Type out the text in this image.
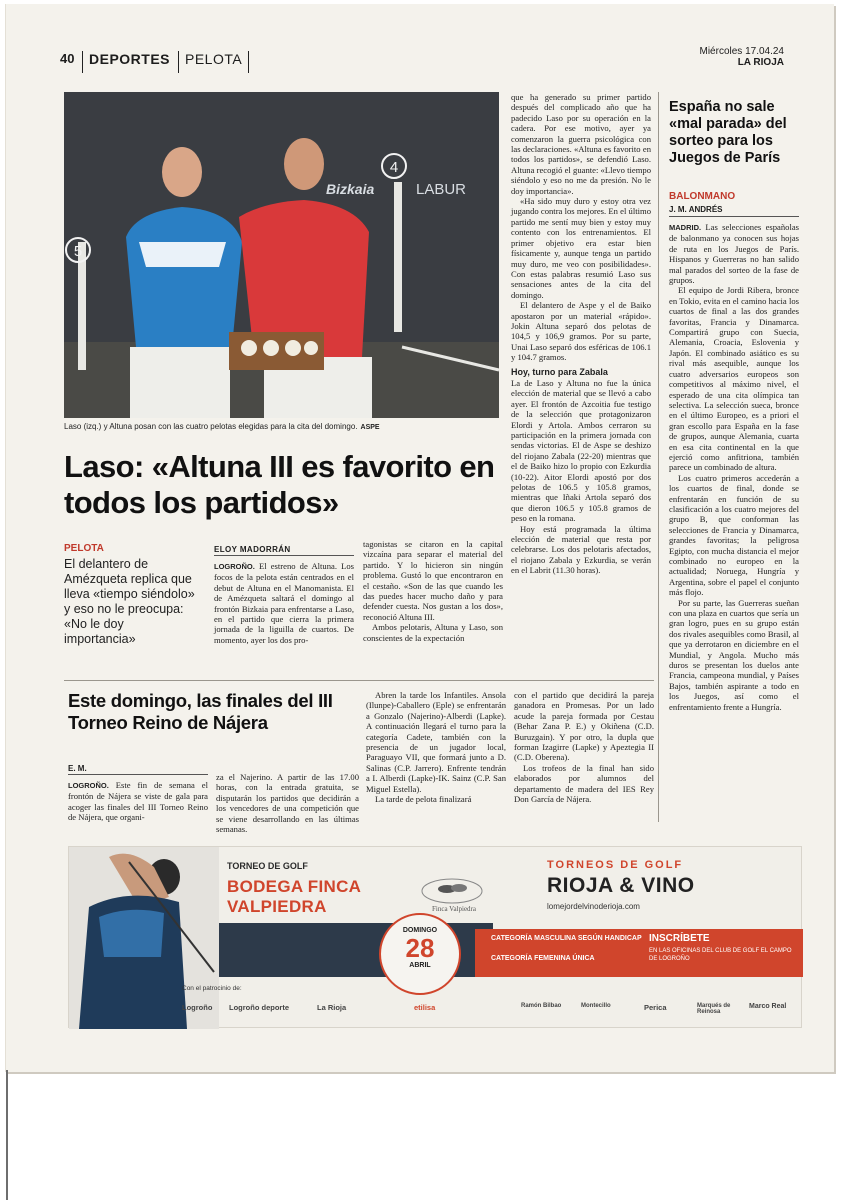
40	DEPORTES	PELOTA	Miércoles 17.04.24
LA RIOJA
5
4
Bizkaia	LABUR
Laso (izq.) y Altuna posan con las cuatro pelotas elegidas para la cita del domingo. ASPE
Laso: «Altuna III es favorito en todos los partidos»
PELOTA
El delantero de Amézqueta replica que lleva «tiempo siéndolo» y eso no le preocupa: «No le doy importancia»
ELOY MADORRÁN

LOGROÑO. El estreno de Altuna. Los focos de la pelota están centrados en el debut de Altuna en el Manomanista. El de Amézqueta saltará el domingo al frontón Bizkaia para enfrentarse a Laso, en el partido que cierra la primera jornada de la liguilla de cuartos. De momento, ayer los dos pro-

tagonistas se citaron en la capital vizcaína para separar el material del partido. Y lo hicieron sin ningún problema. Gustó lo que encontraron en el cestaño. «Son de las que cuando les das puedes hacer mucho daño y para defender cuesta. Nos gustan a los dos», reconoció Altuna III.

Ambos pelotaris, Altuna y Laso, son conscientes de la expectación

que ha generado su primer partido después del complicado año que ha padecido Laso por su operación en la cadera. Por ese motivo, ayer ya comenzaron la guerra psicológica con las declaraciones. «Altuna es favorito en todos los partidos», se defendió Laso. Altuna recogió el guante: «Llevo tiempo siéndolo y eso no me da presión. No le doy importancia».

«Ha sido muy duro y estoy otra vez jugando contra los mejores. En el último partido me sentí muy bien y estoy muy contento con los entrenamientos. El primer objetivo era estar bien físicamente y, aunque tenga un partido muy duro, me veo con posibilidades». Con estas palabras resumió Laso sus sensaciones antes de la cita del domingo.

El delantero de Aspe y el de Baiko apostaron por un material «rápido». Jokin Altuna separó dos pelotas de 104,5 y 106,9 gramos. Por su parte, Unai Laso separó dos esféricas de 106.1 y 104.7 gramos.

Hoy, turno para Zabala

La de Laso y Altuna no fue la única elección de material que se llevó a cabo ayer. El frontón de Azcoitia fue testigo de la selección que protagonizaron Elordi y Artola. Ambos cerraron su participación en la primera jornada con sendas victorias. El de Aspe se deshizo del riojano Zabala (22-20) mientras que el de Baiko hizo lo propio con Ezkurdia (10-22). Aitor Elordi apostó por dos pelotas de 106.5 y 105.8 gramos, mientras que Iñaki Artola separó dos que dieron 106.5 y 105.8 gramos de peso en la romana.

Hoy está programada la última elección de material que resta por celebrarse. Los dos pelotaris afectados, el riojano Zabala y Ezkurdia, se verán en el Labrit (11.30 horas).

España no sale «mal parada» del sorteo para los Juegos de París
BALONMANO
J. M. ANDRÉS

MADRID. Las selecciones españolas de balonmano ya conocen sus hojas de ruta en los Juegos de París. Hispanos y Guerreras no han salido mal parados del sorteo de la fase de grupos.

El equipo de Jordi Ribera, bronce en Tokio, evita en el camino hacia los cuartos de final a las dos grandes favoritas, Francia y Dinamarca. Compartirá grupo con Suecia, Alemania, Croacia, Eslovenia y Japón. El combinado asiático es su rival más asequible, aunque los cuatro adversarios europeos son competitivos al máximo nivel, el esperado de una cita olímpica tan selectiva. La selección sueca, bronce en el último Europeo, es a priori el gran escollo para España en la fase de grupos, aunque Alemania, cuarta en esa cita continental en la que ejerció como anfitriona, también parece un combinado de altura.

Los cuatro primeros accederán a los cuartos de final, donde se enfrentarán en función de su clasificación a los cuatro mejores del grupo B, que conforman las selecciones de Francia y Dinamarca, grandes favoritas; la peligrosa Egipto, con mucha distancia el mejor combinado no europeo en la actualidad; Noruega, Hungría y Argentina, sobre el papel el conjunto más flojo.

Por su parte, las Guerreras sueñan con una plaza en cuartos que sería un gran logro, pues en su grupo están dos rivales asequibles como Brasil, al que ya derrotaron en diciembre en el Mundial, y Angola. Mucho más duros se presentan los duelos ante Francia, campeona mundial, y Países Bajos, también aspirante a todo en los Juegos, así como el enfrentamiento frente a Hungría.

Este domingo, las finales del III Torneo Reino de Nájera
E. M.

LOGROÑO. Este fin de semana el frontón de Nájera se viste de gala para acoger las finales del III Torneo Reino de Nájera, que organi-

za el Najerino. A partir de las 17.00 horas, con la entrada gratuita, se disputarán los partidos que decidirán a los vencedores de una competición que se viene desarrollando en las últimas semanas.

Abren la tarde los Infantiles. Ansola (Ilunpe)-Caballero (Eple) se enfrentarán a Gonzalo (Najerino)-Alberdi (Lapke). A continuación llegará el turno para la categoría Cadete, también con la presencia de un jugador local, Paraguayo VII, que formará junto a D. Salinas (C.P. Jarrero). Enfrente tendrán a I. Alberdi (Lapke)-IK. Sainz (C.P. San Miguel Estella).

La tarde de pelota finalizará

con el partido que decidirá la pareja ganadora en Promesas. Por un lado acude la pareja formada por Cestau (Behar Zana P. E.) y Okiñena (C.D. Buruzgain). Y por otro, la dupla que forman Izagirre (Lapke) y Apeztegia II (C.D. Oberena).

Los trofeos de la final han sido elaborados por alumnos del departamento de madera del IES Rey Don García de Nájera.

TORNEO DE GOLF
BODEGA FINCA
VALPIEDRA	Finca Valpiedra
DOMINGO
28
ABRIL
TORNEOS DE GOLF
RIOJA & VINO
lomejordelvinoderioja.com
CATEGORÍA MASCULINA SEGÚN HANDICAP
CATEGORÍA FEMENINA ÚNICA
INSCRÍBETE
EN LAS OFICINAS DEL CLUB DE GOLF EL CAMPO DE LOGROÑO
Con el patrocinio de:
Logroño Logroño deporte	La Rioja	etilisa	Ramón Bilbao	Montecillo	Perica	Marqués de Reinosa
Marco Real
